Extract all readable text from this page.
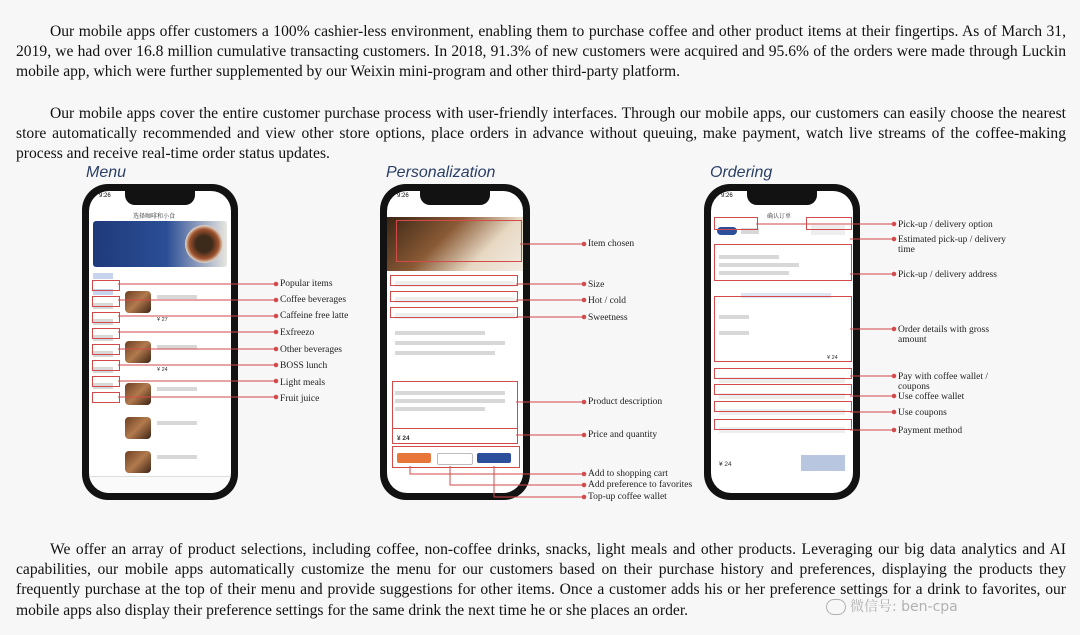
Our mobile apps offer customers a 100% cashier-less environment, enabling them to purchase coffee and other product items at their fingertips. As of March 31, 2019, we had over 16.8 million cumulative transacting customers. In 2018, 91.3% of new customers were acquired and 95.6% of the orders were made through Luckin mobile app, which were further supplemented by our Weixin mini-program and other third-party platform.

Our mobile apps cover the entire customer purchase process with user-friendly interfaces. Through our mobile apps, our customers can easily choose the nearest store automatically recommended and view other store options, place orders in advance without queuing, make payment, watch live streams of the coffee-making process and receive real-time order status updates.

Menu
9:26
选择咖啡和小食
¥ 27
¥ 24
Popular items
Coffee beverages
Caffeine free latte
Exfreezo
Other beverages
BOSS lunch
Light meals
Fruit juice
Personalization
9:26
¥ 24
Item chosen
Size
Hot / cold
Sweetness
Product description
Price and quantity
Add to shopping cart
Add preference to favorites
Top-up coffee wallet
Ordering
9:26
确认订单
¥ 24
¥ 24
Pick-up / delivery option
Estimated pick-up / delivery time
Pick-up / delivery address
Order details with gross amount
Pay with coffee wallet / coupons
Use coffee wallet
Use coupons
Payment method

We offer an array of product selections, including coffee, non-coffee drinks, snacks, light meals and other products. Leveraging our big data analytics and AI capabilities, our mobile apps automatically customize the menu for our customers based on their purchase history and preferences, displaying the products they frequently purchase at the top of their menu and provide suggestions for other items. Once a customer adds his or her preference settings for a drink to favorites, our mobile apps also display their preference settings for the same drink the next time he or she places an order.	微信号: ben-cpa
